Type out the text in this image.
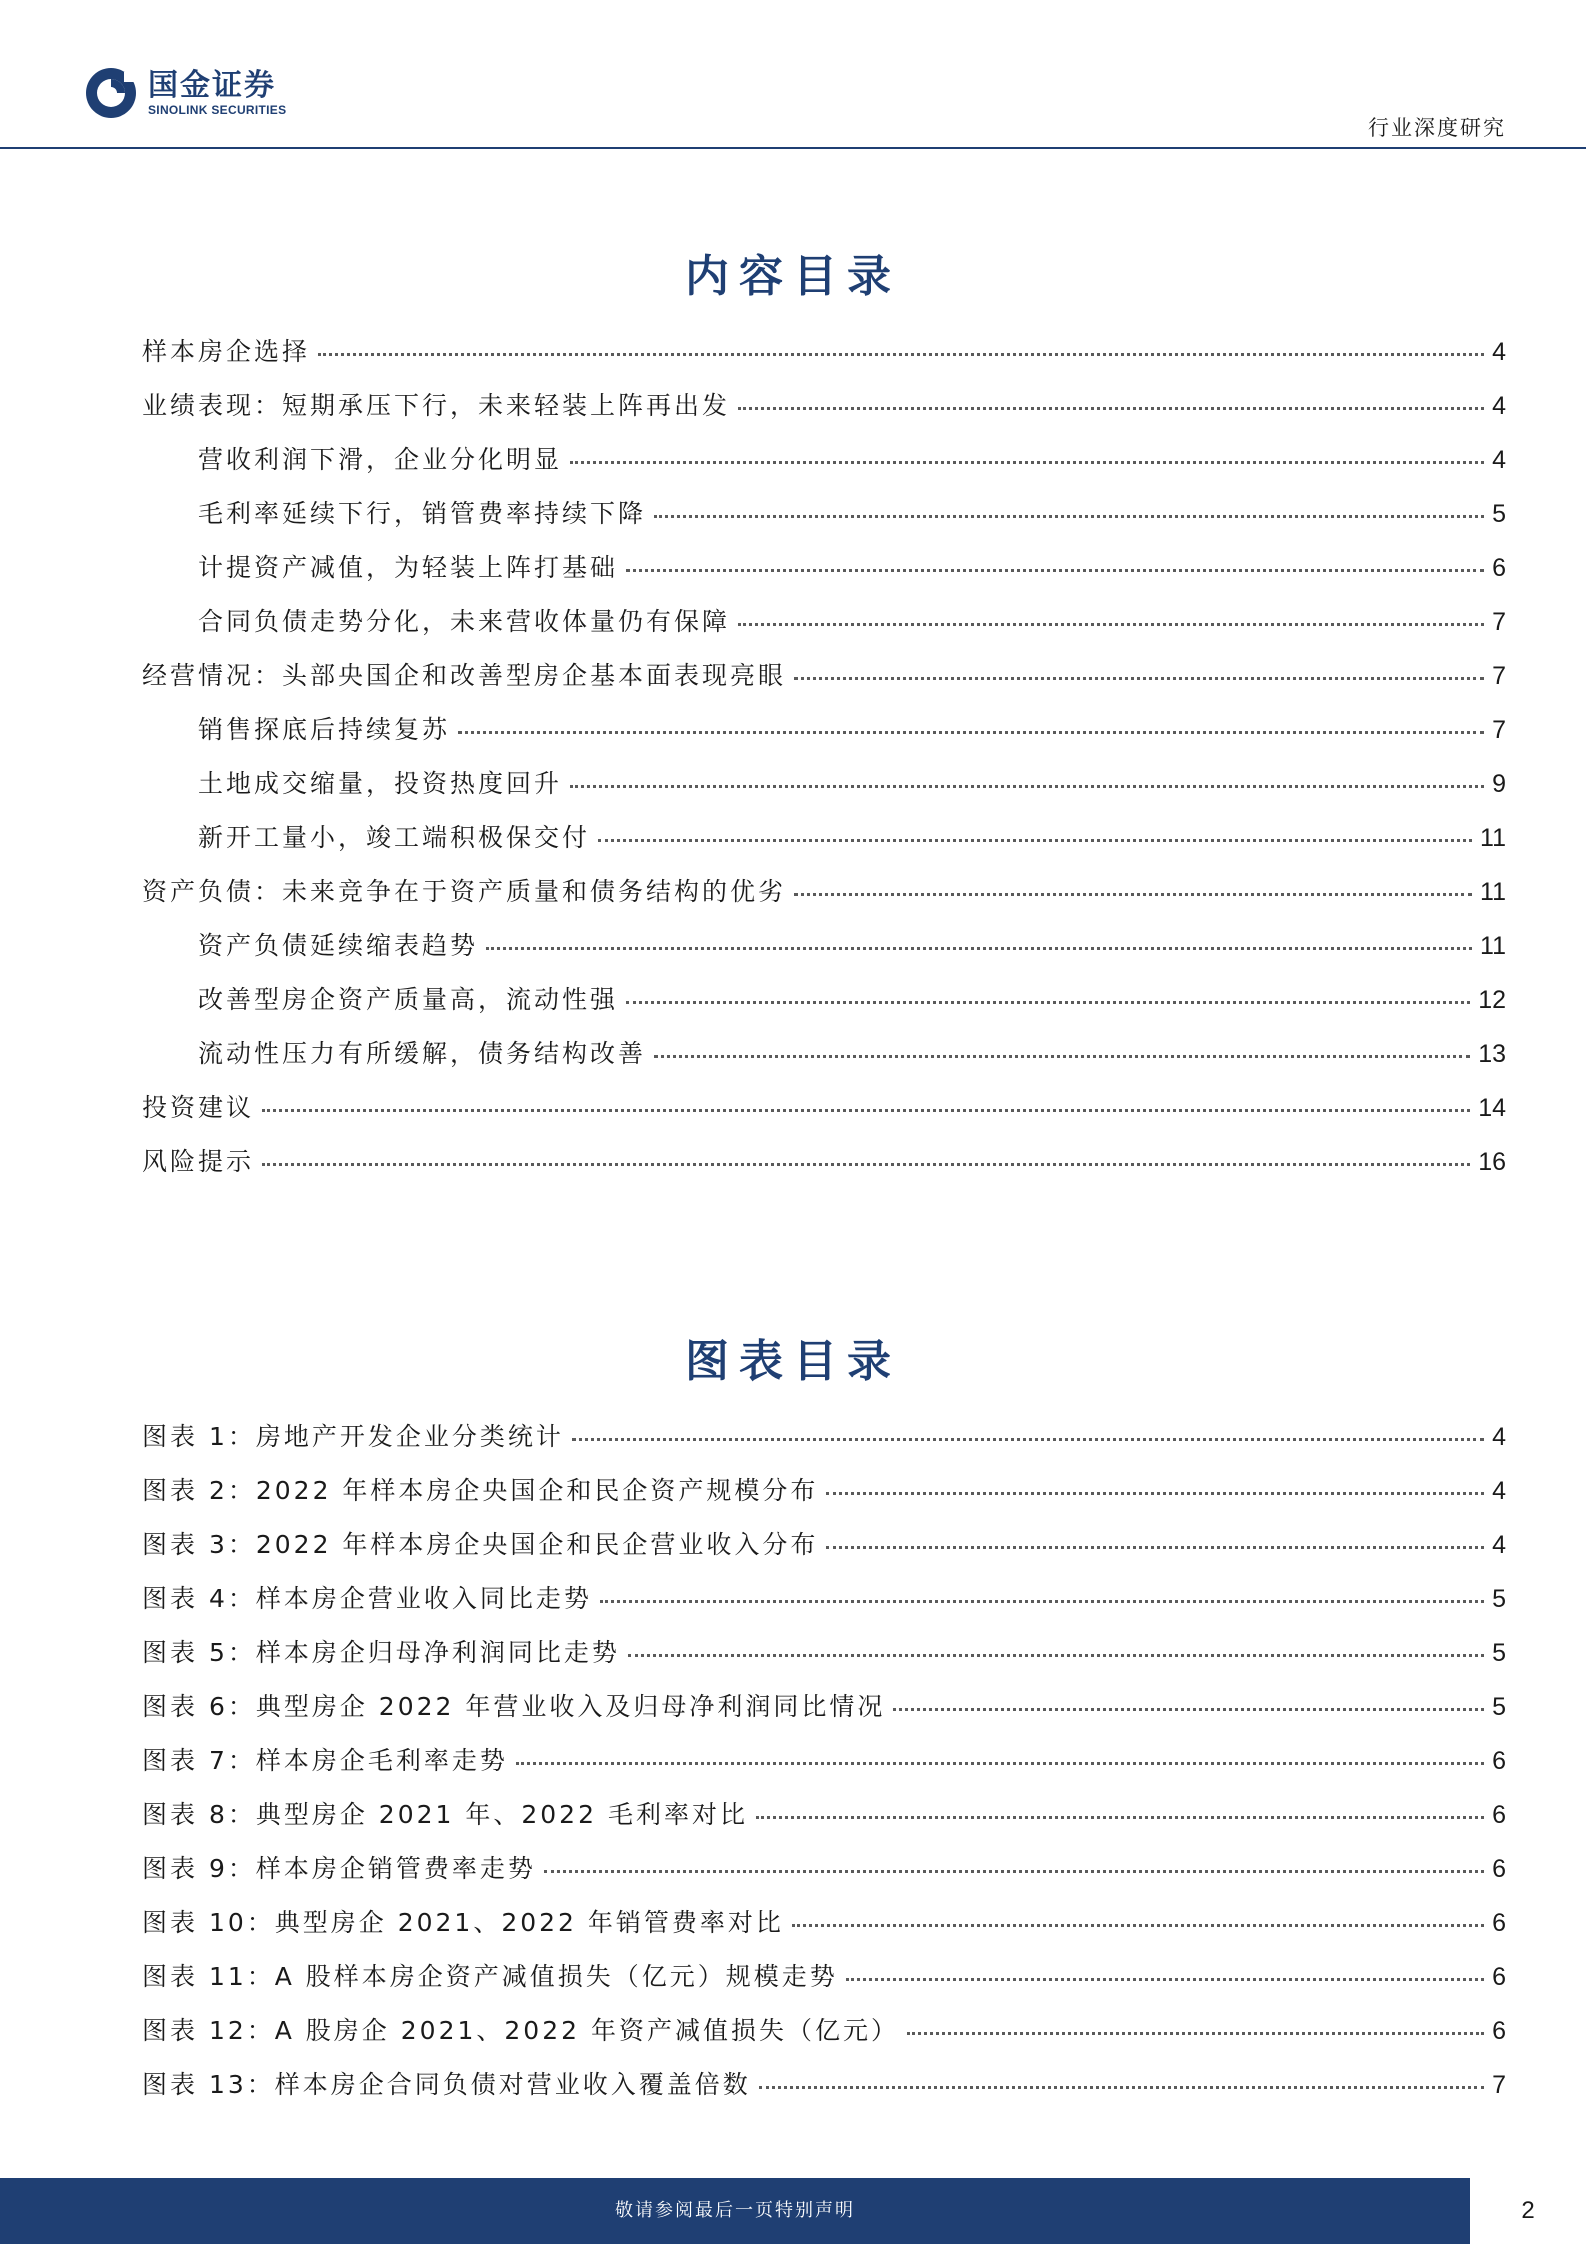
国金证券
SINOLINK SECURITIES
行业深度研究
内容目录
样本房企选择	4
业绩表现：短期承压下行，未来轻装上阵再出发	4
营收利润下滑，企业分化明显	4
毛利率延续下行，销管费率持续下降	5
计提资产减值，为轻装上阵打基础	6
合同负债走势分化，未来营收体量仍有保障	7
经营情况：头部央国企和改善型房企基本面表现亮眼	7
销售探底后持续复苏	7
土地成交缩量，投资热度回升	9
新开工量小，竣工端积极保交付	11
资产负债：未来竞争在于资产质量和债务结构的优劣	11
资产负债延续缩表趋势	11
改善型房企资产质量高，流动性强	12
流动性压力有所缓解，债务结构改善	13
投资建议	14
风险提示	16
图表目录
图表 1：房地产开发企业分类统计	4
图表 2：2022 年样本房企央国企和民企资产规模分布	4
图表 3：2022 年样本房企央国企和民企营业收入分布	4
图表 4：样本房企营业收入同比走势	5
图表 5：样本房企归母净利润同比走势	5
图表 6：典型房企 2022 年营业收入及归母净利润同比情况	5
图表 7：样本房企毛利率走势	6
图表 8：典型房企 2021 年、2022 毛利率对比	6
图表 9：样本房企销管费率走势	6
图表 10：典型房企 2021、2022 年销管费率对比	6
图表 11：A 股样本房企资产减值损失（亿元）规模走势	6
图表 12：A 股房企 2021、2022 年资产减值损失（亿元）	6
图表 13：样本房企合同负债对营业收入覆盖倍数	7
敬请参阅最后一页特别声明	2
